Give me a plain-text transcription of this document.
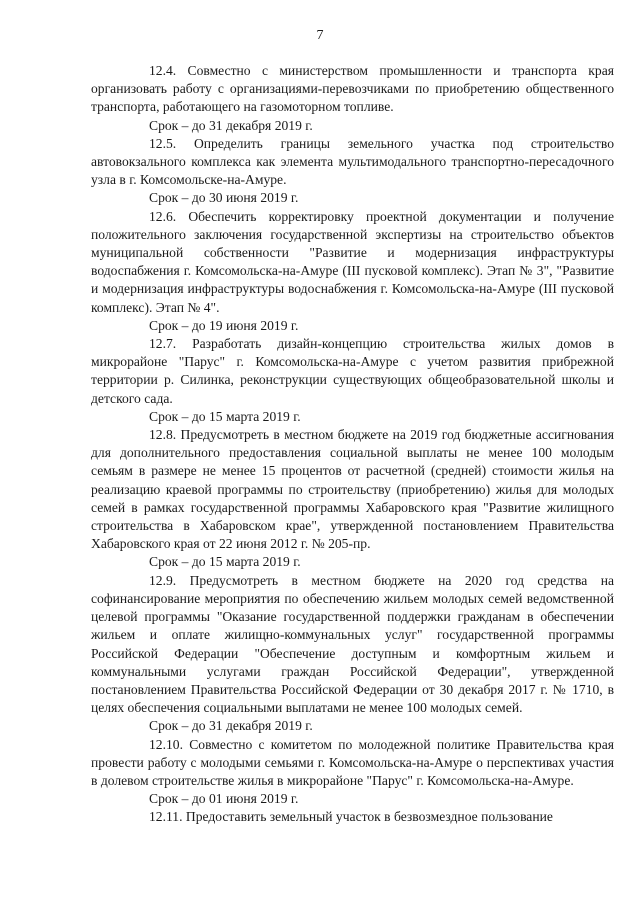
7

12.4. Совместно с министерством промышленности и транспорта края организовать работу с организациями-перевозчиками по приобретению общественного транспорта, работающего на газомоторном топливе.

Срок – до 31 декабря 2019 г.

12.5. Определить границы земельного участка под строительство автовокзального комплекса как элемента мультимодального транспортно-пересадочного узла в г. Комсомольске-на-Амуре.

Срок – до 30 июня 2019 г.

12.6. Обеспечить корректировку проектной документации и получение положительного заключения государственной экспертизы на строительство объектов муниципальной собственности "Развитие и модернизация инфраструктуры водоспабжения г. Комсомольска-на-Амуре (III пусковой комплекс). Этап № 3", "Развитие и модернизация инфраструктуры водоснабжения г. Комсомольска-на-Амуре (III пусковой комплекс). Этап № 4".

Срок – до 19 июня 2019 г.

12.7. Разработать дизайн-концепцию строительства жилых домов в микрорайоне "Парус" г. Комсомольска-на-Амуре с учетом развития прибрежной территории р. Силинка, реконструкции существующих общеобразовательной школы и детского сада.

Срок – до 15 марта 2019 г.

12.8. Предусмотреть в местном бюджете на 2019 год бюджетные ассигнования для дополнительного предоставления социальной выплаты не менее 100 молодым семьям в размере не менее 15 процентов от расчетной (средней) стоимости жилья на реализацию краевой программы по строительству (приобретению) жилья для молодых семей в рамках государственной программы Хабаровского края "Развитие жилищного строительства в Хабаровском крае", утвержденной постановлением Правительства Хабаровского края от 22 июня 2012 г. № 205-пр.

Срок – до 15 марта 2019 г.

12.9. Предусмотреть в местном бюджете на 2020 год средства на софинансирование мероприятия по обеспечению жильем молодых семей ведомственной целевой программы "Оказание государственной поддержки гражданам в обеспечении жильем и оплате жилищно-коммунальных услуг" государственной программы Российской Федерации "Обеспечение доступным и комфортным жильем и коммунальными услугами граждан Российской Федерации", утвержденной постановлением Правительства Российской Федерации от 30 декабря 2017 г. № 1710, в целях обеспечения социальными выплатами не менее 100 молодых семей.

Срок – до 31 декабря 2019 г.

12.10. Совместно с комитетом по молодежной политике Правительства края провести работу с молодыми семьями г. Комсомольска-на-Амуре о перспективах участия в долевом строительстве жилья в микрорайоне "Парус" г. Комсомольска-на-Амуре.

Срок – до 01 июня 2019 г.

12.11. Предоставить земельный участок в безвозмездное пользование
